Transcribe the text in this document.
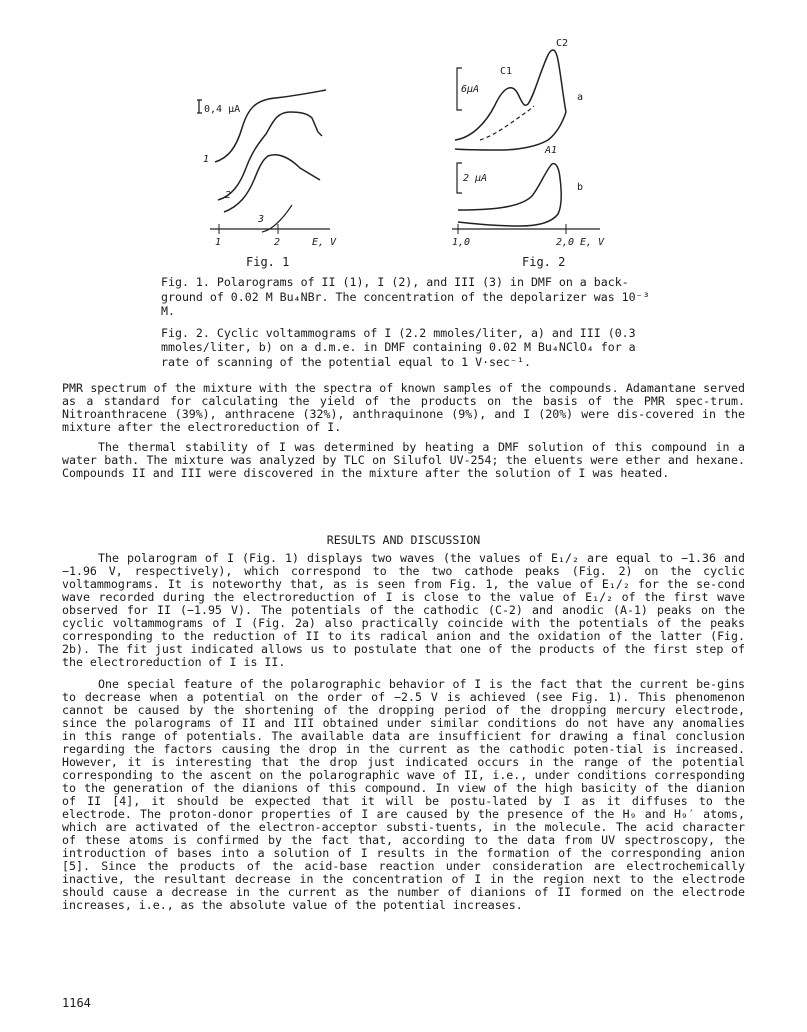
0,4 μA
1
2
3
1	2	E, V
6μA
C2
C1
A1
a
2 μA
b
1,0	2,0 E, V
Fig. 1	Fig. 2

Fig. 1. Polarograms of II (1), I (2), and III (3) in DMF on a back-ground of 0.02 M Bu₄NBr. The concentration of the depolarizer was 10⁻³ M.

Fig. 2. Cyclic voltammograms of I (2.2 mmoles/liter, a) and III (0.3 mmoles/liter, b) on a d.m.e. in DMF containing 0.02 M Bu₄NClO₄ for a rate of scanning of the potential equal to 1 V·sec⁻¹.

PMR spectrum of the mixture with the spectra of known samples of the compounds. Adamantane served as a standard for calculating the yield of the products on the basis of the PMR spec-trum. Nitroanthracene (39%), anthracene (32%), anthraquinone (9%), and I (20%) were dis-covered in the mixture after the electroreduction of I.

The thermal stability of I was determined by heating a DMF solution of this compound in a water bath. The mixture was analyzed by TLC on Silufol UV-254; the eluents were ether and hexane. Compounds II and III were discovered in the mixture after the solution of I was heated.

RESULTS AND DISCUSSION

The polarogram of I (Fig. 1) displays two waves (the values of E₁/₂ are equal to −1.36 and −1.96 V, respectively), which correspond to the two cathode peaks (Fig. 2) on the cyclic voltammograms. It is noteworthy that, as is seen from Fig. 1, the value of E₁/₂ for the se-cond wave recorded during the electroreduction of I is close to the value of E₁/₂ of the first wave observed for II (−1.95 V). The potentials of the cathodic (C-2) and anodic (A-1) peaks on the cyclic voltammograms of I (Fig. 2a) also practically coincide with the potentials of the peaks corresponding to the reduction of II to its radical anion and the oxidation of the latter (Fig. 2b). The fit just indicated allows us to postulate that one of the products of the first step of the electroreduction of I is II.

One special feature of the polarographic behavior of I is the fact that the current be-gins to decrease when a potential on the order of −2.5 V is achieved (see Fig. 1). This phenomenon cannot be caused by the shortening of the dropping period of the dropping mercury electrode, since the polarograms of II and III obtained under similar conditions do not have any anomalies in this range of potentials. The available data are insufficient for drawing a final conclusion regarding the factors causing the drop in the current as the cathodic poten-tial is increased. However, it is interesting that the drop just indicated occurs in the range of the potential corresponding to the ascent on the polarographic wave of II, i.e., under conditions corresponding to the generation of the dianions of this compound. In view of the high basicity of the dianion of II [4], it should be expected that it will be postu-lated by I as it diffuses to the electrode. The proton-donor properties of I are caused by the presence of the H₉ and H₉′ atoms, which are activated of the electron-acceptor substi-tuents, in the molecule. The acid character of these atoms is confirmed by the fact that, according to the data from UV spectroscopy, the introduction of bases into a solution of I results in the formation of the corresponding anion [5]. Since the products of the acid-base reaction under consideration are electrochemically inactive, the resultant decrease in the concentration of I in the region next to the electrode should cause a decrease in the current as the number of dianions of II formed on the electrode increases, i.e., as the absolute value of the potential increases.

1164
